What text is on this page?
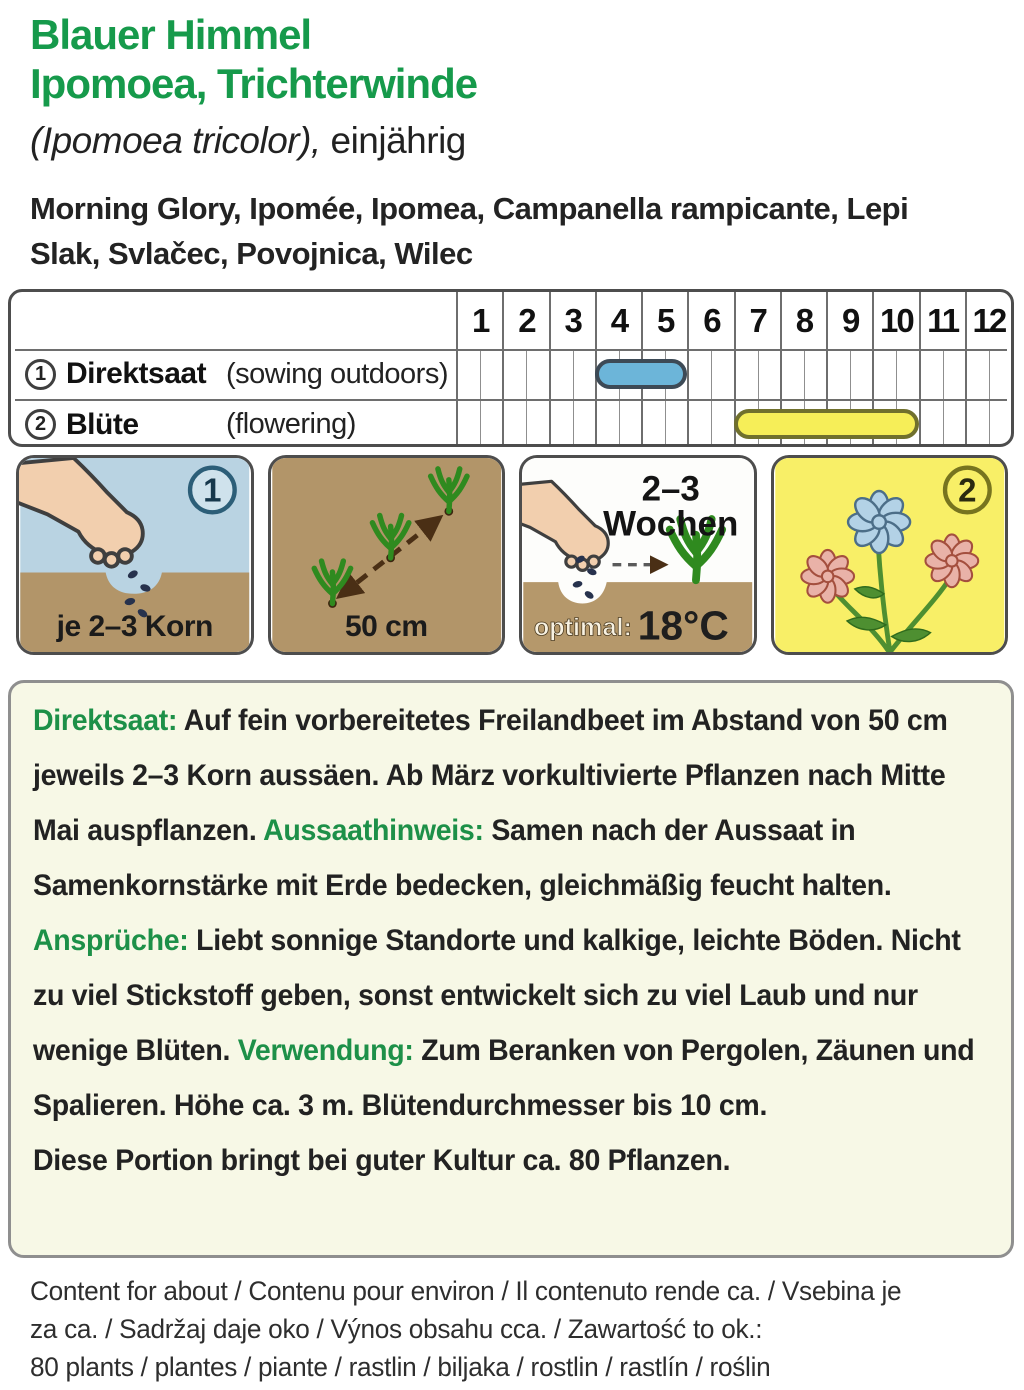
Blauer Himmel
Ipomoea, Trichterwinde
(Ipomoea tricolor), einjährig
Morning Glory, Ipomée, Ipomea, Campanella rampicante, Lepi Slak, Svlačec, Povojnica, Wilec
1 2 3 4 5 6 7 8 9 10 11 12
1 Direktsaat (sowing outdoors)
2 Blüte	(flowering)
1
je 2–3 Korn	50 cm
2–3
Wochen
optimal: 18°C
2

Direktsaat: Auf fein vorbereitetes Freilandbeet im Abstand von 50 cm jeweils 2–3 Korn aussäen. Ab März vorkultivierte Pflanzen nach Mitte Mai auspflanzen. Aussaathinweis: Samen nach der Aussaat in Samenkornstärke mit Erde bedecken, gleichmäßig feucht halten. Ansprüche: Liebt sonnige Standorte und kalkige, leichte Böden. Nicht zu viel Stickstoff geben, sonst entwickelt sich zu viel Laub und nur wenige Blüten. Verwendung: Zum Beranken von Pergolen, Zäunen und Spalieren. Höhe ca. 3 m. Blütendurchmesser bis 10 cm.

Diese Portion bringt bei guter Kultur ca. 80 Pflanzen.

Content for about / Contenu pour environ / Il contenuto rende ca. / Vsebina je
za ca. / Sadržaj daje oko / Výnos obsahu cca. / Zawartość to ok.:
80 plants / plantes / piante / rastlin / biljaka / rostlin / rastlín / roślin
